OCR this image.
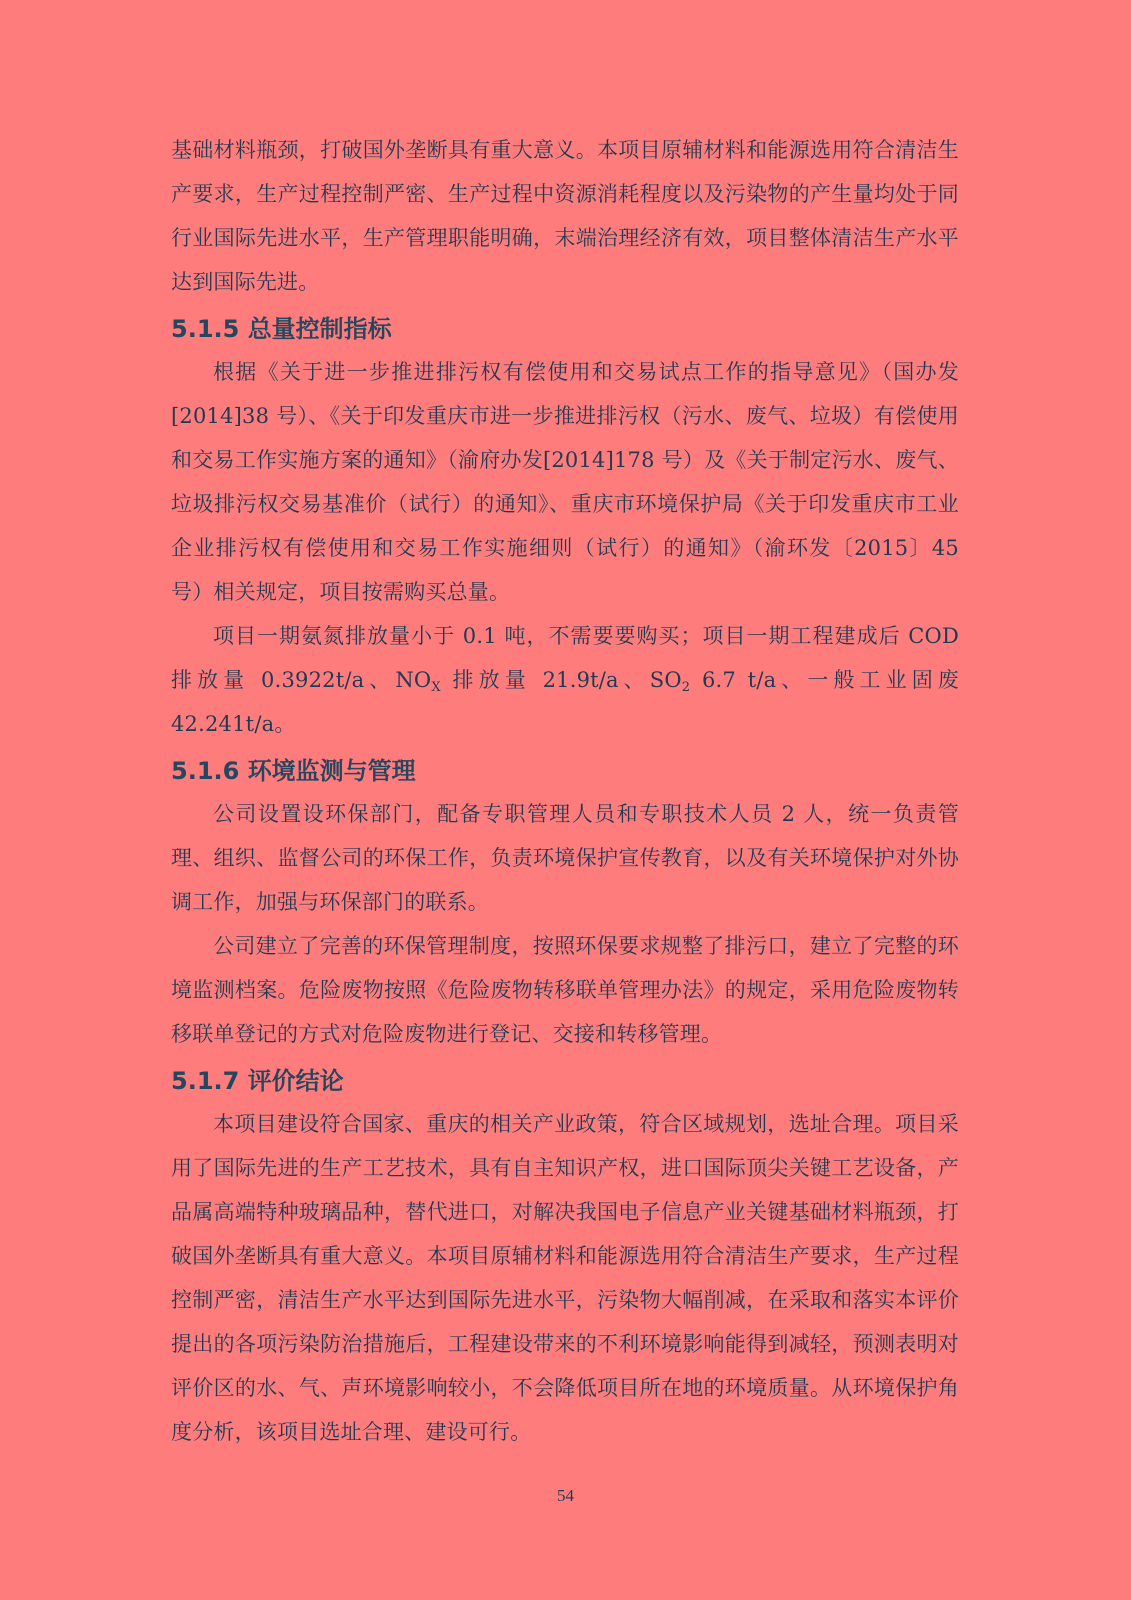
基础材料瓶颈，打破国外垄断具有重大意义。本项目原辅材料和能源选用符合清洁生产要求，生产过程控制严密、生产过程中资源消耗程度以及污染物的产生量均处于同行业国际先进水平，生产管理职能明确，末端治理经济有效，项目整体清洁生产水平达到国际先进。

5.1.5 总量控制指标

根据《关于进一步推进排污权有偿使用和交易试点工作的指导意见》（国办发[2014]38 号）、《关于印发重庆市进一步推进排污权（污水、废气、垃圾）有偿使用和交易工作实施方案的通知》（渝府办发[2014]178 号）及《关于制定污水、废气、垃圾排污权交易基准价（试行）的通知》、重庆市环境保护局《关于印发重庆市工业企业排污权有偿使用和交易工作实施细则（试行）的通知》（渝环发〔2015〕45 号）相关规定，项目按需购买总量。

项目一期氨氮排放量小于 0.1 吨，不需要要购买；项目一期工程建成后 COD 排放量 0.3922t/a、$NO_X$ 排放量 21.9t/a、$SO_2$ 6.7 t/a、一般工业固废 42.241t/a。

5.1.6 环境监测与管理

公司设置设环保部门，配备专职管理人员和专职技术人员 2 人，统一负责管理、组织、监督公司的环保工作，负责环境保护宣传教育，以及有关环境保护对外协调工作，加强与环保部门的联系。

公司建立了完善的环保管理制度，按照环保要求规整了排污口，建立了完整的环境监测档案。危险废物按照《危险废物转移联单管理办法》的规定，采用危险废物转移联单登记的方式对危险废物进行登记、交接和转移管理。

5.1.7 评价结论

本项目建设符合国家、重庆的相关产业政策，符合区域规划，选址合理。项目采用了国际先进的生产工艺技术，具有自主知识产权，进口国际顶尖关键工艺设备，产品属高端特种玻璃品种，替代进口，对解决我国电子信息产业关键基础材料瓶颈，打破国外垄断具有重大意义。本项目原辅材料和能源选用符合清洁生产要求，生产过程控制严密，清洁生产水平达到国际先进水平，污染物大幅削减，在采取和落实本评价提出的各项污染防治措施后，工程建设带来的不利环境影响能得到减轻，预测表明对评价区的水、气、声环境影响较小，不会降低项目所在地的环境质量。从环境保护角度分析，该项目选址合理、建设可行。

54
